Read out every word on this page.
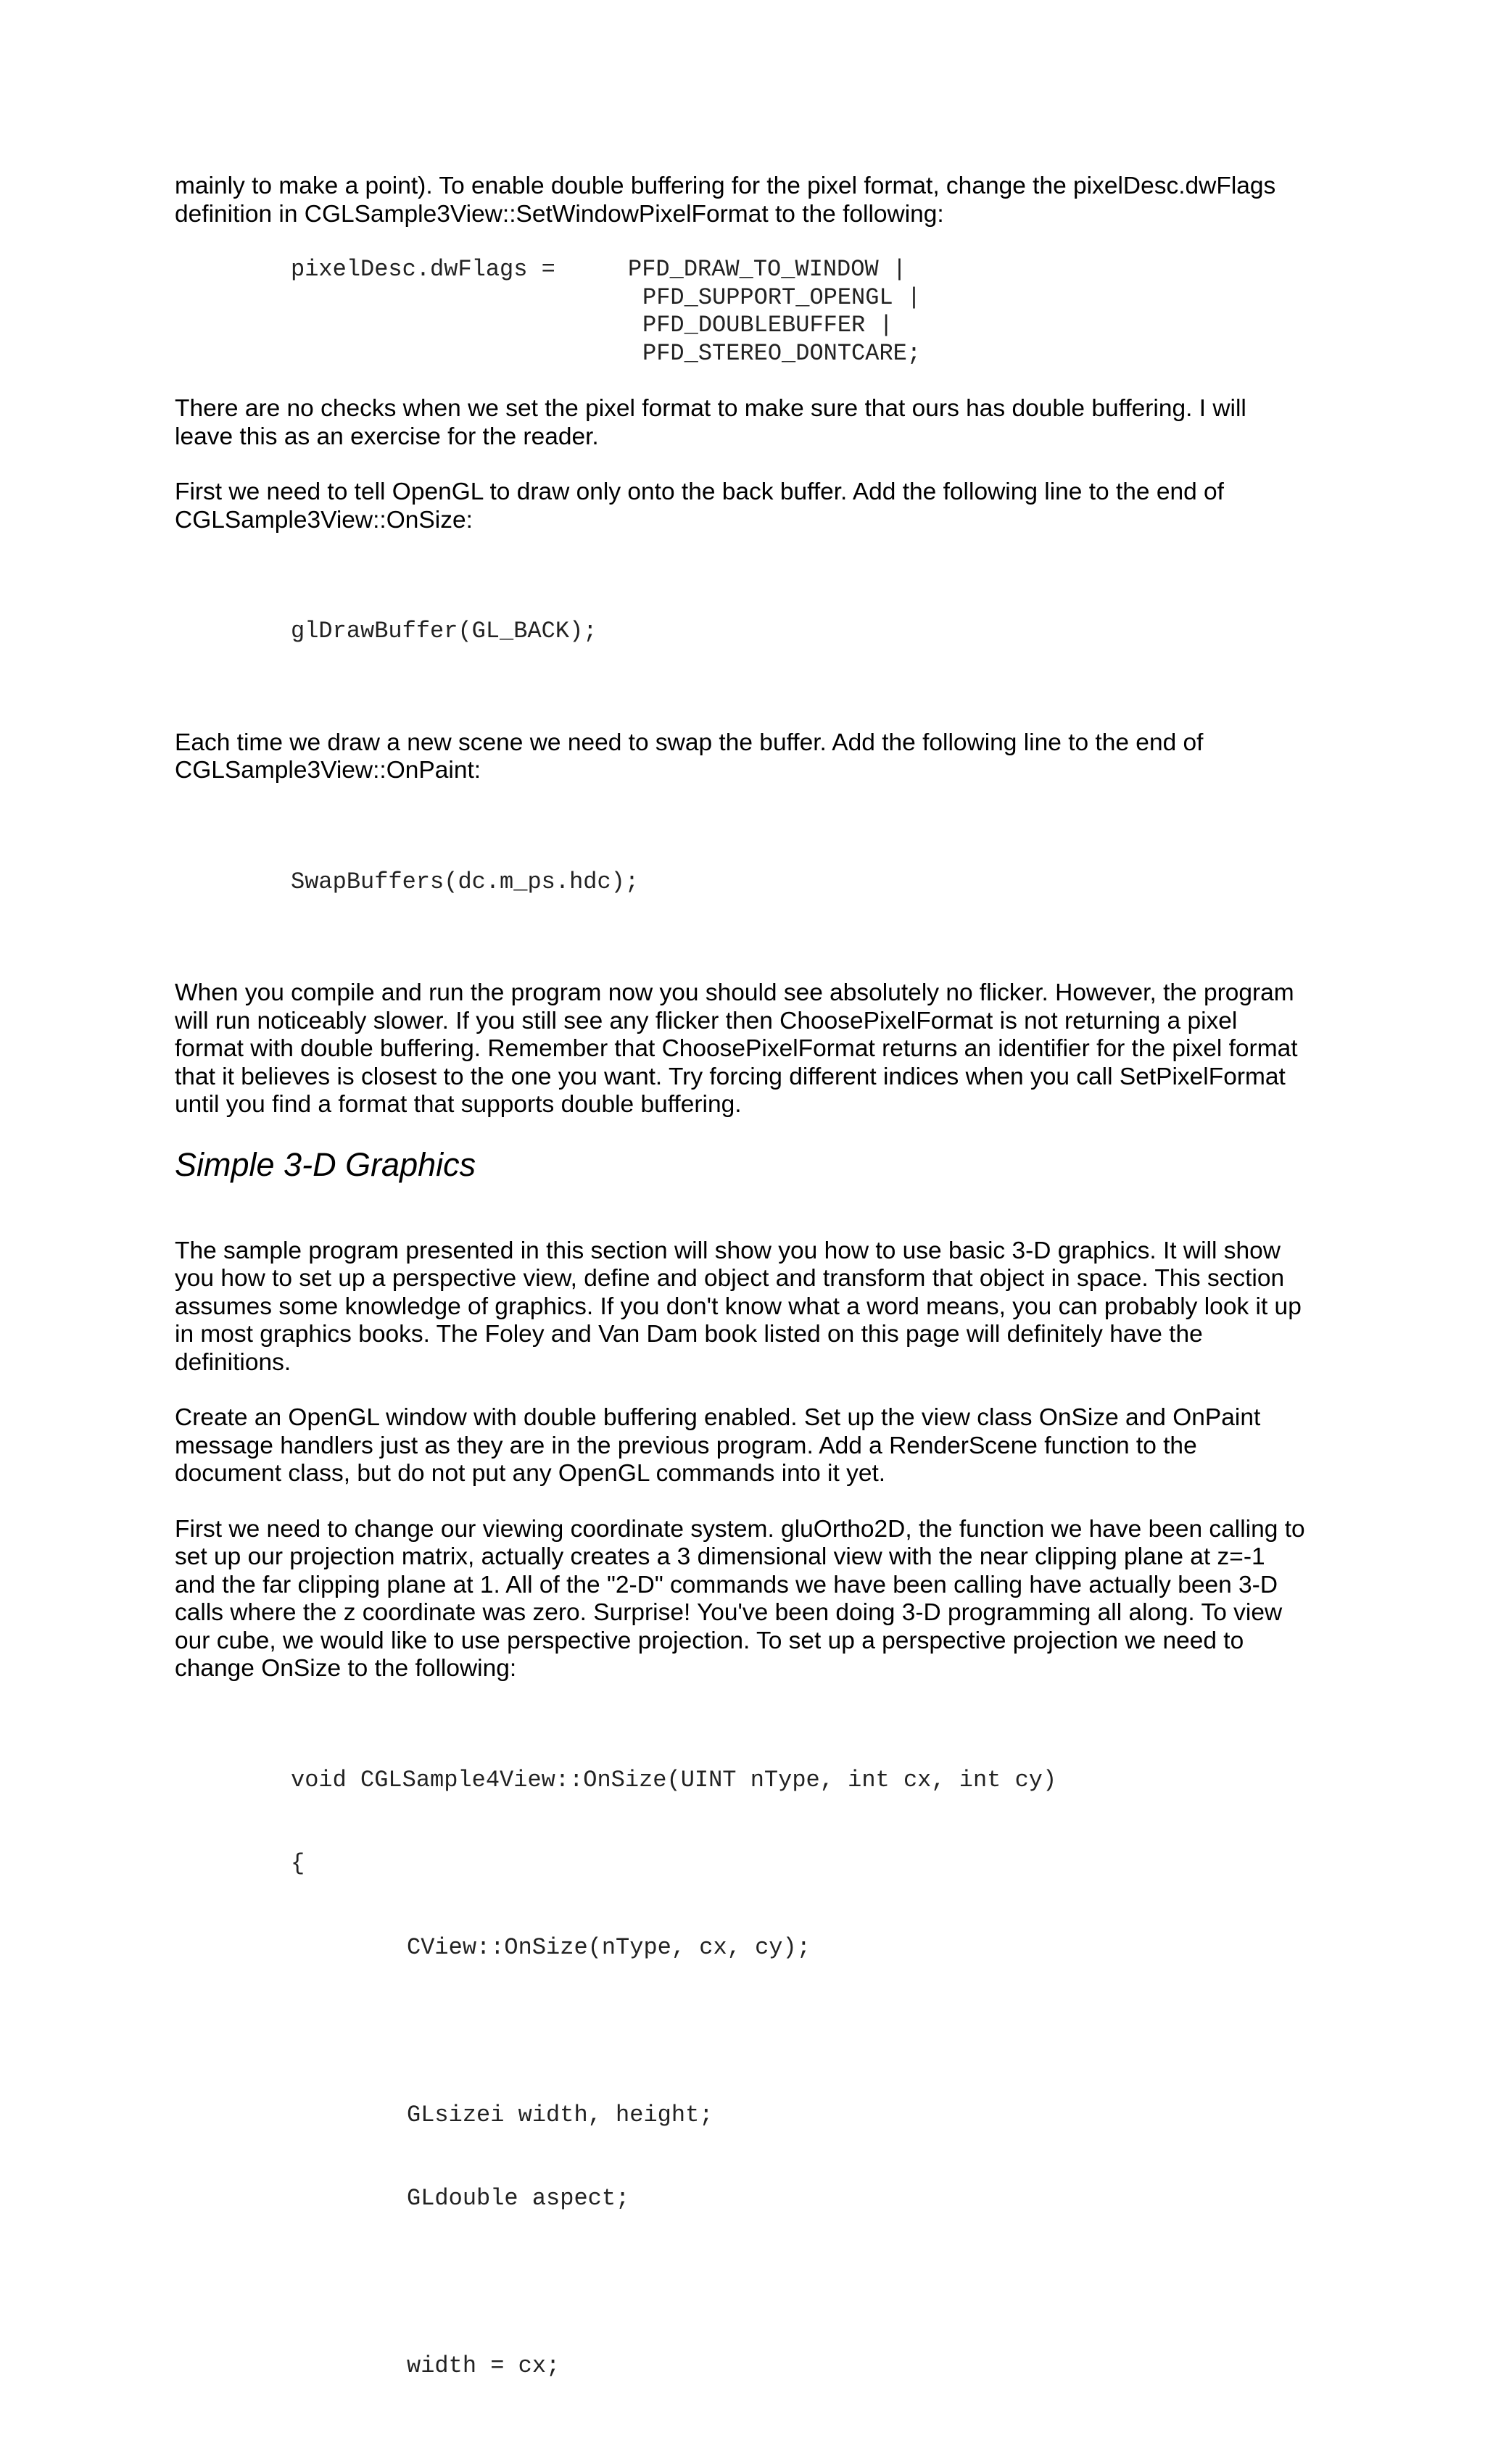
mainly to make a point). To enable double buffering for the pixel format, change the pixelDesc.dwFlags
definition in CGLSample3View::SetWindowPixelFormat to the following:

pixelDesc.dwFlags =	PFD_DRAW_TO_WINDOW |
PFD_SUPPORT_OPENGL |
PFD_DOUBLEBUFFER |
PFD_STEREO_DONTCARE;

There are no checks when we set the pixel format to make sure that ours has double buffering. I will
leave this as an exercise for the reader.

First we need to tell OpenGL to draw only onto the back buffer. Add the following line to the end of
CGLSample3View::OnSize:

glDrawBuffer(GL_BACK);

Each time we draw a new scene we need to swap the buffer. Add the following line to the end of
CGLSample3View::OnPaint:

SwapBuffers(dc.m_ps.hdc);

When you compile and run the program now you should see absolutely no flicker. However, the program
will run noticeably slower. If you still see any flicker then ChoosePixelFormat is not returning a pixel
format with double buffering. Remember that ChoosePixelFormat returns an identifier for the pixel format
that it believes is closest to the one you want. Try forcing different indices when you call SetPixelFormat
until you find a format that supports double buffering.

Simple 3-D Graphics

The sample program presented in this section will show you how to use basic 3-D graphics. It will show
you how to set up a perspective view, define and object and transform that object in space. This section
assumes some knowledge of graphics. If you don't know what a word means, you can probably look it up
in most graphics books. The Foley and Van Dam book listed on this page will definitely have the
definitions.

Create an OpenGL window with double buffering enabled. Set up the view class OnSize and OnPaint
message handlers just as they are in the previous program. Add a RenderScene function to the
document class, but do not put any OpenGL commands into it yet.

First we need to change our viewing coordinate system. gluOrtho2D, the function we have been calling to
set up our projection matrix, actually creates a 3 dimensional view with the near clipping plane at z=-1
and the far clipping plane at 1. All of the "2-D" commands we have been calling have actually been 3-D
calls where the z coordinate was zero. Surprise! You've been doing 3-D programming all along. To view
our cube, we would like to use perspective projection. To set up a perspective projection we need to
change OnSize to the following:

void CGLSample4View::OnSize(UINT nType, int cx, int cy)

{

CView::OnSize(nType, cx, cy);

GLsizei width, height;

GLdouble aspect;

width = cx;
